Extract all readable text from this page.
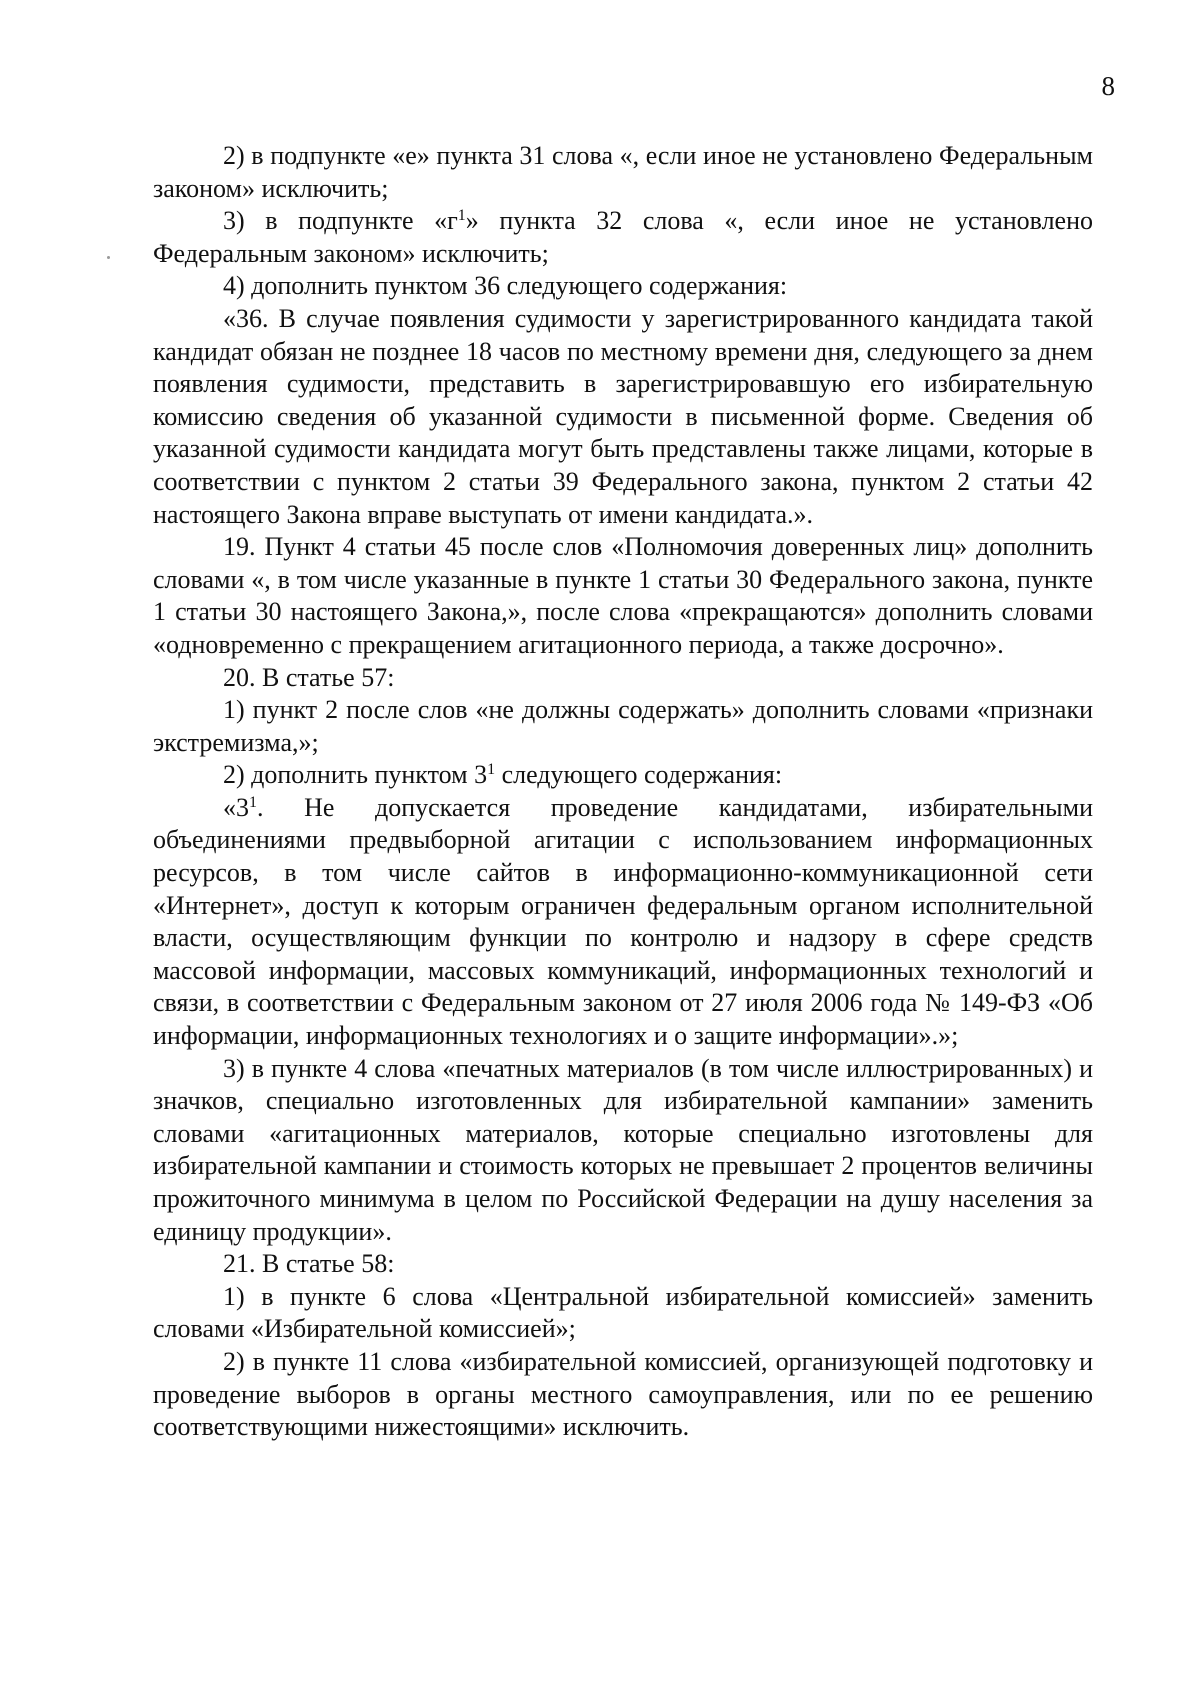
8

2) в подпункте «е» пункта 31 слова «, если иное не установлено Федеральным законом» исключить;

3) в подпункте «$г^1$» пункта 32 слова «, если иное не установлено Федеральным законом» исключить;

4) дополнить пунктом 36 следующего содержания:

«36. В случае появления судимости у зарегистрированного кандидата такой кандидат обязан не позднее 18 часов по местному времени дня, следующего за днем появления судимости, представить в зарегистрировавшую его избирательную комиссию сведения об указанной судимости в письменной форме. Сведения об указанной судимости кандидата могут быть представлены также лицами, которые в соответствии с пунктом 2 статьи 39 Федерального закона, пунктом 2 статьи 42 настоящего Закона вправе выступать от имени кандидата.».

19. Пункт 4 статьи 45 после слов «Полномочия доверенных лиц» дополнить словами «, в том числе указанные в пункте 1 статьи 30 Федерального закона, пункте 1 статьи 30 настоящего Закона,», после слова «прекращаются» дополнить словами «одновременно с прекращением агитационного периода, а также досрочно».

20. В статье 57:

1) пункт 2 после слов «не должны содержать» дополнить словами «признаки экстремизма,»;

2) дополнить пунктом $3^1$ следующего содержания:

«$3^1$. Не допускается проведение кандидатами, избирательными объединениями предвыборной агитации с использованием информационных ресурсов, в том числе сайтов в информационно-коммуникационной сети «Интернет», доступ к которым ограничен федеральным органом исполнительной власти, осуществляющим функции по контролю и надзору в сфере средств массовой информации, массовых коммуникаций, информационных технологий и связи, в соответствии с Федеральным законом от 27 июля 2006 года № 149-ФЗ «Об информации, информационных технологиях и о защите информации».»;

3) в пункте 4 слова «печатных материалов (в том числе иллюстрированных) и значков, специально изготовленных для избирательной кампании» заменить словами «агитационных материалов, которые специально изготовлены для избирательной кампании и стоимость которых не превышает 2 процентов величины прожиточного минимума в целом по Российской Федерации на душу населения за единицу продукции».

21. В статье 58:

1) в пункте 6 слова «Центральной избирательной комиссией» заменить словами «Избирательной комиссией»;

2) в пункте 11 слова «избирательной комиссией, организующей подготовку и проведение выборов в органы местного самоуправления, или по ее решению соответствующими нижестоящими» исключить.
